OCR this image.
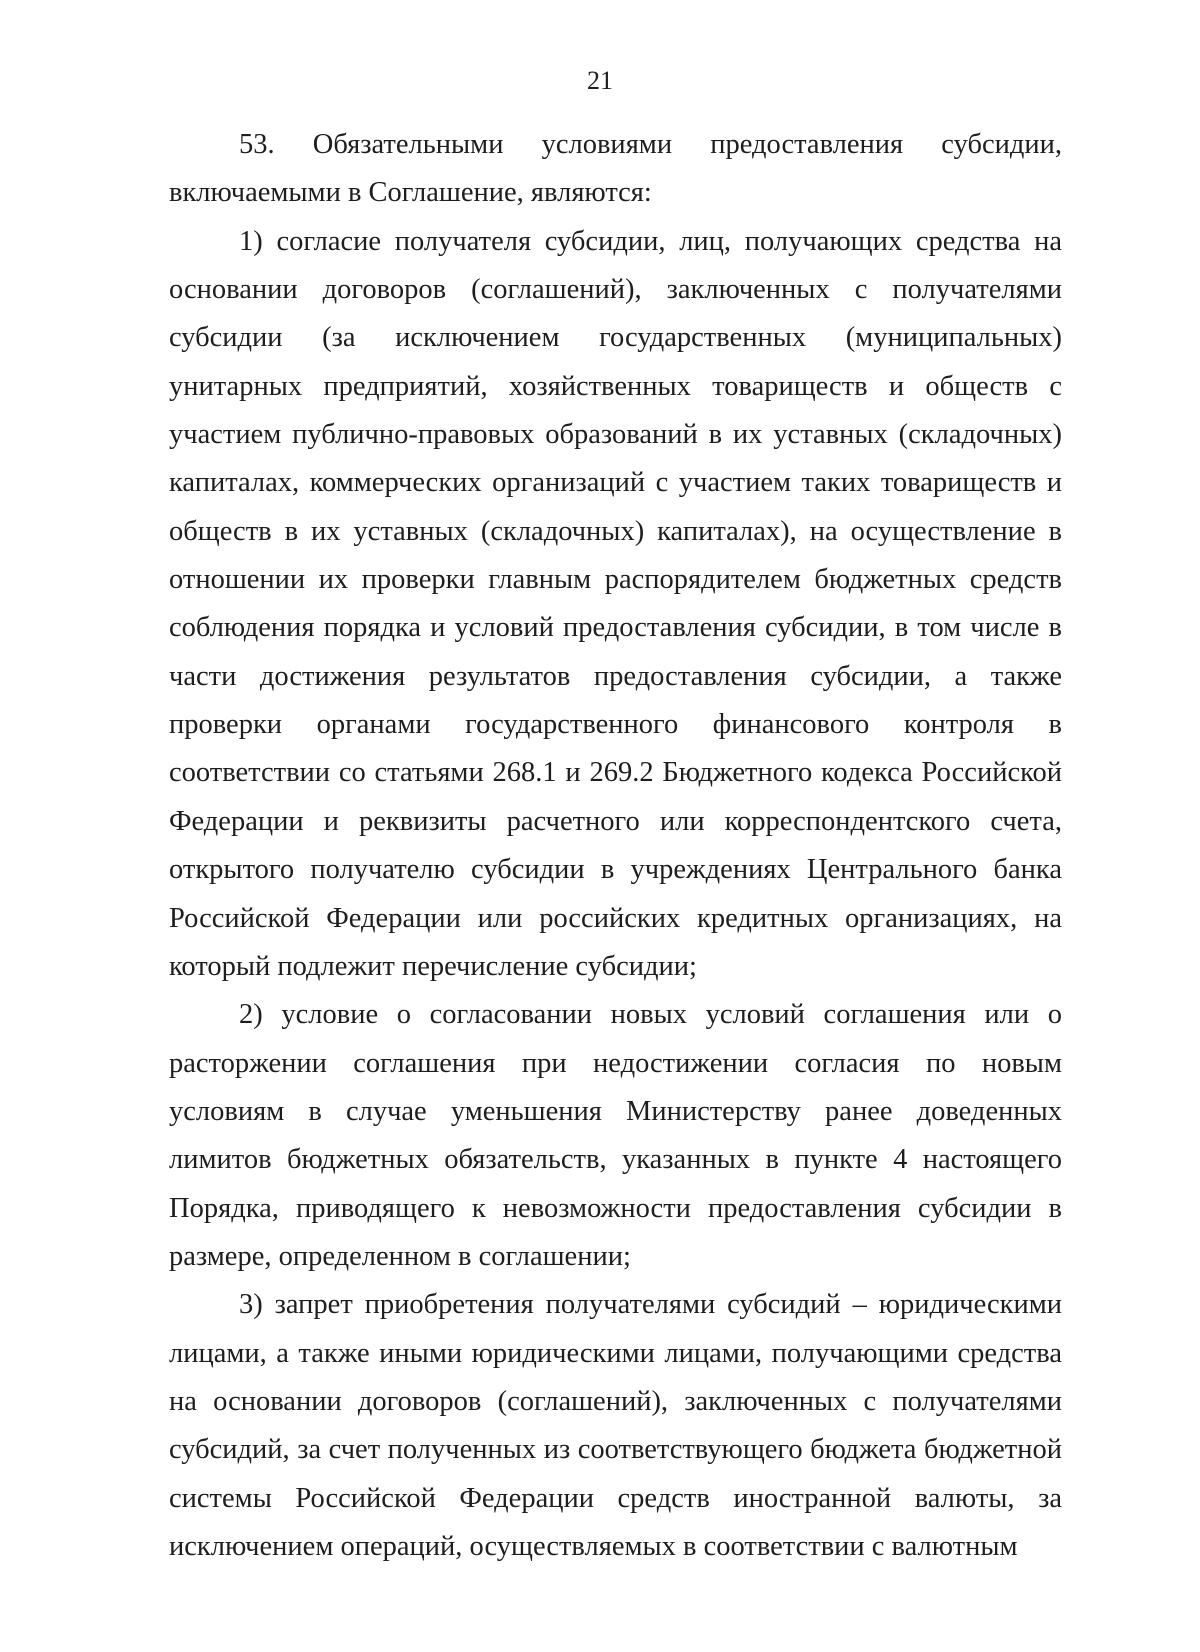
21

53. Обязательными условиями предоставления субсидии, включаемыми в Соглашение, являются:

1) согласие получателя субсидии, лиц, получающих средства на основании договоров (соглашений), заключенных с получателями субсидии (за исключением государственных (муниципальных) унитарных предприятий, хозяйственных товариществ и обществ с участием публично-правовых образований в их уставных (складочных) капиталах, коммерческих организаций с участием таких товариществ и обществ в их уставных (складочных) капиталах), на осуществление в отношении их проверки главным распорядителем бюджетных средств соблюдения порядка и условий предоставления субсидии, в том числе в части достижения результатов предоставления субсидии, а также проверки органами государственного финансового контроля в соответствии со статьями 268.1 и 269.2 Бюджетного кодекса Российской Федерации и реквизиты расчетного или корреспондентского счета, открытого получателю субсидии в учреждениях Центрального банка Российской Федерации или российских кредитных организациях, на который подлежит перечисление субсидии;

2) условие о согласовании новых условий соглашения или о расторжении соглашения при недостижении согласия по новым условиям в случае уменьшения Министерству ранее доведенных лимитов бюджетных обязательств, указанных в пункте 4 настоящего Порядка, приводящего к невозможности предоставления субсидии в размере, определенном в соглашении;

3) запрет приобретения получателями субсидий – юридическими лицами, а также иными юридическими лицами, получающими средства на основании договоров (соглашений), заключенных с получателями субсидий, за счет полученных из соответствующего бюджета бюджетной системы Российской Федерации средств иностранной валюты, за исключением операций, осуществляемых в соответствии с валютным
